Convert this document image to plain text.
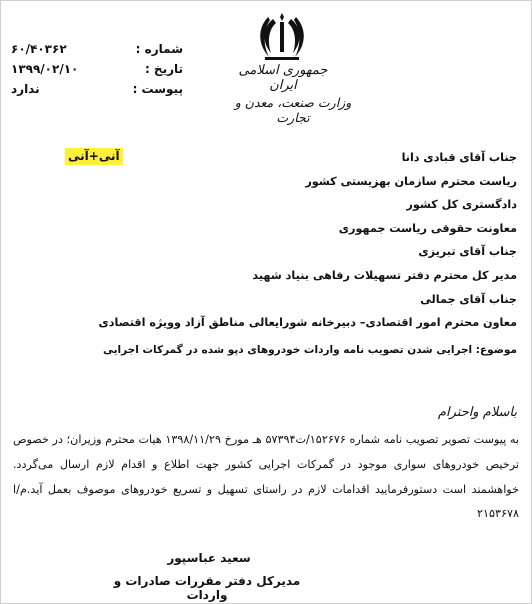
جمهوری اسلامی ایران
وزارت صنعت، معدن و تجارت
شماره :
۶۰/۴۰۳۶۲
تاریخ :
۱۳۹۹/۰۲/۱۰
پیوست :
ندارد
آنی+آنی	جناب آقای قبادی دانا
ریاست محترم سازمان بهزیستی کشور
دادگستری کل کشور
معاونت حقوقی ریاست جمهوری
جناب آقای تبریزی
مدیر کل محترم دفتر تسهیلات رفاهی بنیاد شهید
جناب آقای جمالی
معاون محترم امور اقتصادی– دبیرخانه شورایعالی مناطق آزاد وویژه اقتصادی
موضوع: اجرایی شدن تصویب نامه واردات خودروهای دپو شده در گمرکات اجرایی
باسلام واحترام
به پیوست تصویر تصویب نامه شماره ۱۵۲۶۷۶/ت۵۷۳۹۴ هـ مورخ ۱۳۹۸/۱۱/۲۹ هیات محترم وزیران؛ در خصوص ترخیص خودروهای سواری موجود در گمرکات اجرایی کشور جهت اطلاع و اقدام لازم ارسال می‌گردد. خواهشمند است دستورفرمایید اقدامات لازم در راستای تسهیل و تسریع خودروهای موصوف بعمل آید.م/ا ۲۱۵۳۶۷۸
سعید عباسپور
مدیرکل دفتر مقررات صادرات و واردات
